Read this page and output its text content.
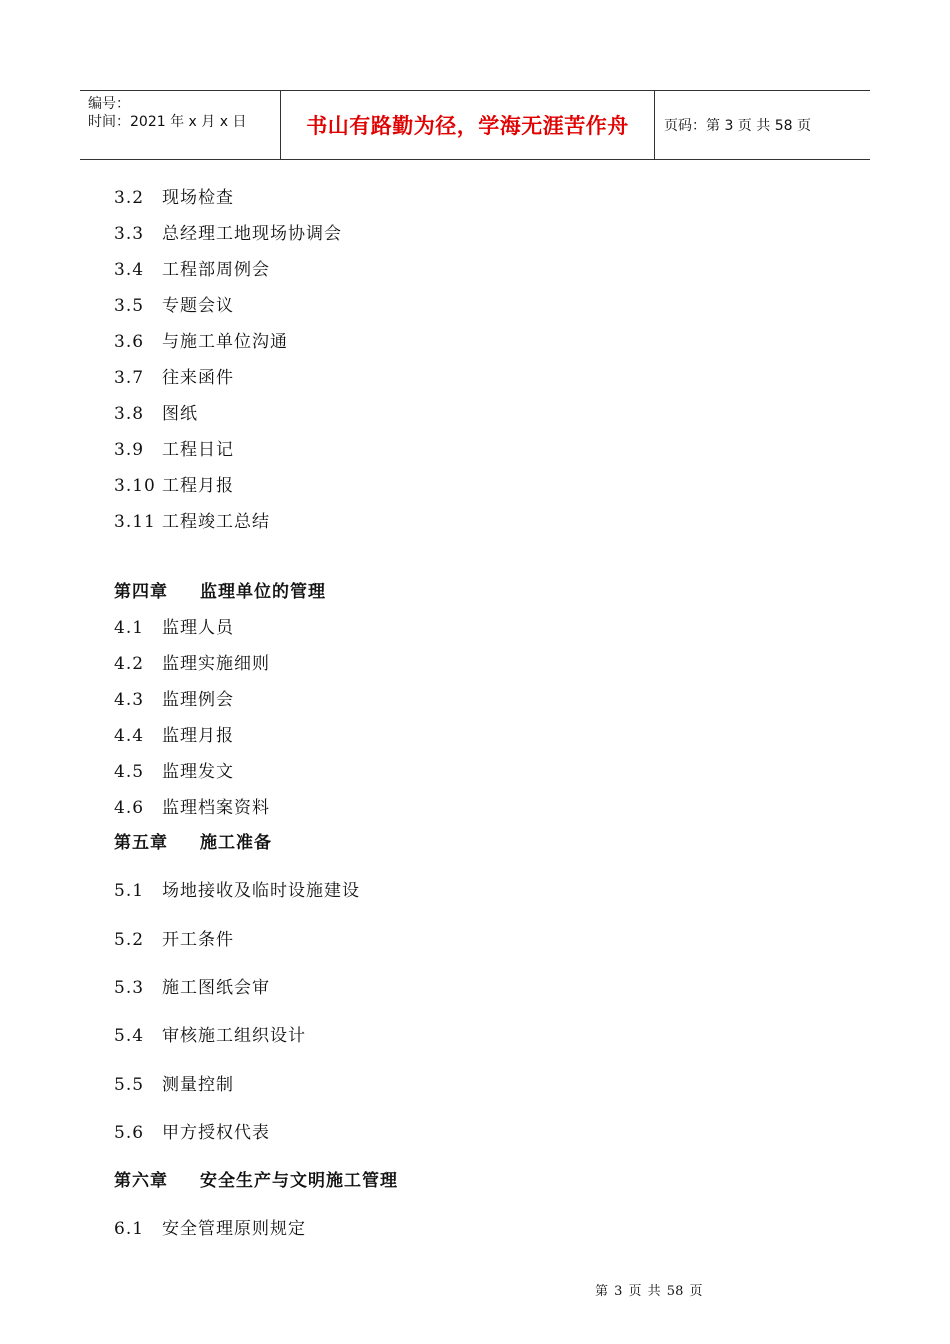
编号：
时间：2021 年 x 月 x 日	书山有路勤为径，学海无涯苦作舟	页码：第 3 页 共 58 页
3.2 现场检查
3.3 总经理工地现场协调会
3.4 工程部周例会
3.5 专题会议
3.6 与施工单位沟通
3.7 往来函件
3.8 图纸
3.9 工程日记
3.10 工程月报
3.11 工程竣工总结
第四章 监理单位的管理
4.1 监理人员
4.2 监理实施细则
4.3 监理例会
4.4 监理月报
4.5 监理发文
4.6 监理档案资料
第五章 施工准备
5.1 场地接收及临时设施建设
5.2 开工条件
5.3 施工图纸会审
5.4 审核施工组织设计
5.5 测量控制
5.6 甲方授权代表
第六章 安全生产与文明施工管理
6.1 安全管理原则规定
第 3 页 共 58 页
